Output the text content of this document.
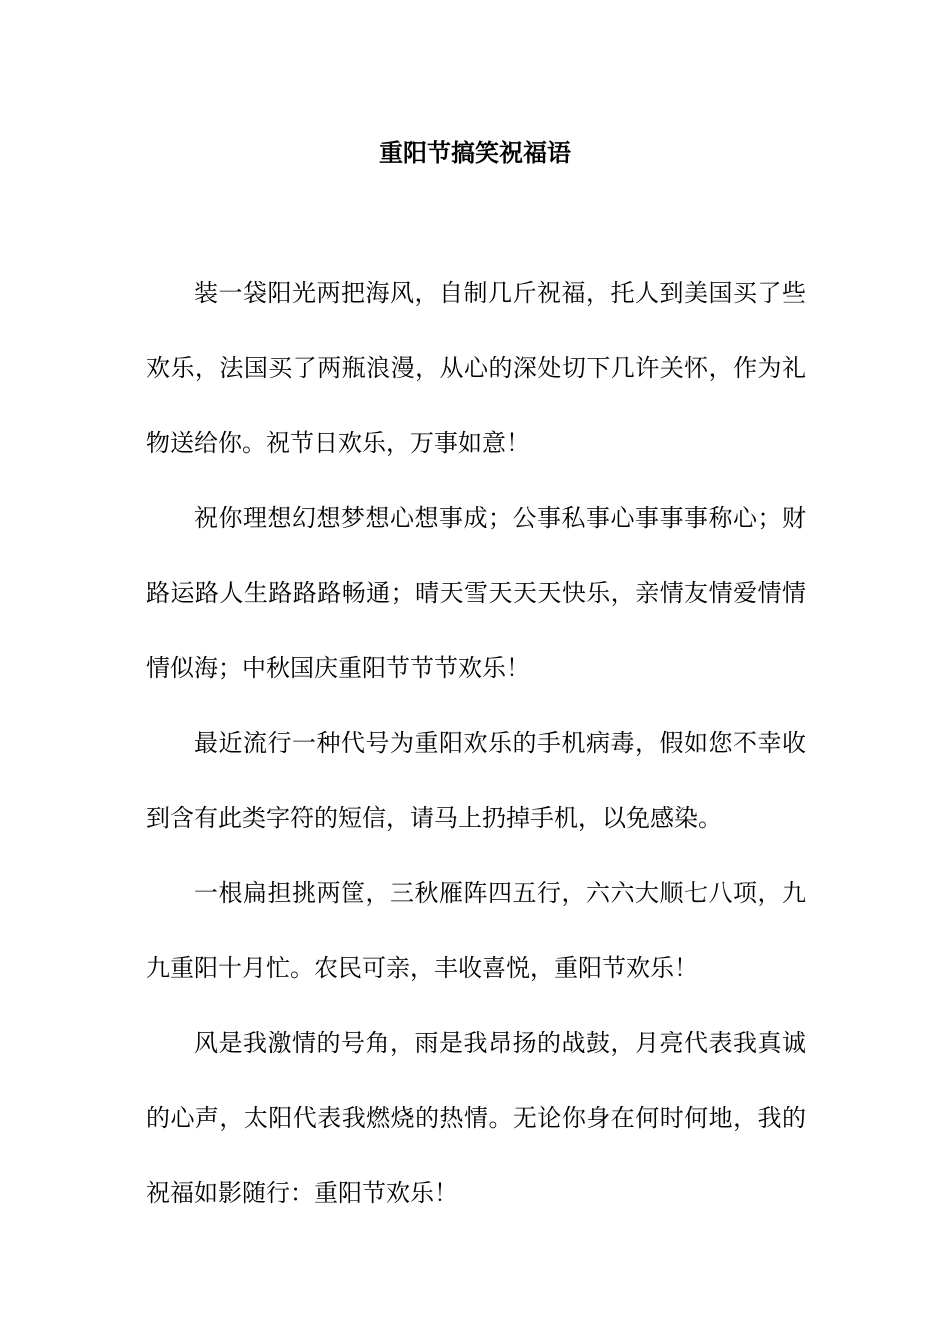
重阳节搞笑祝福语

装一袋阳光两把海风，自制几斤祝福，托人到美国买了些欢乐，法国买了两瓶浪漫，从心的深处切下几许关怀，作为礼物送给你。祝节日欢乐，万事如意！

祝你理想幻想梦想心想事成；公事私事心事事事称心；财路运路人生路路路畅通；晴天雪天天天快乐，亲情友情爱情情情似海；中秋国庆重阳节节节欢乐！

最近流行一种代号为重阳欢乐的手机病毒，假如您不幸收到含有此类字符的短信，请马上扔掉手机，以免感染。

一根扁担挑两筐，三秋雁阵四五行，六六大顺七八项，九九重阳十月忙。农民可亲，丰收喜悦，重阳节欢乐！

风是我激情的号角，雨是我昂扬的战鼓，月亮代表我真诚的心声，太阳代表我燃烧的热情。无论你身在何时何地，我的祝福如影随行：重阳节欢乐！
